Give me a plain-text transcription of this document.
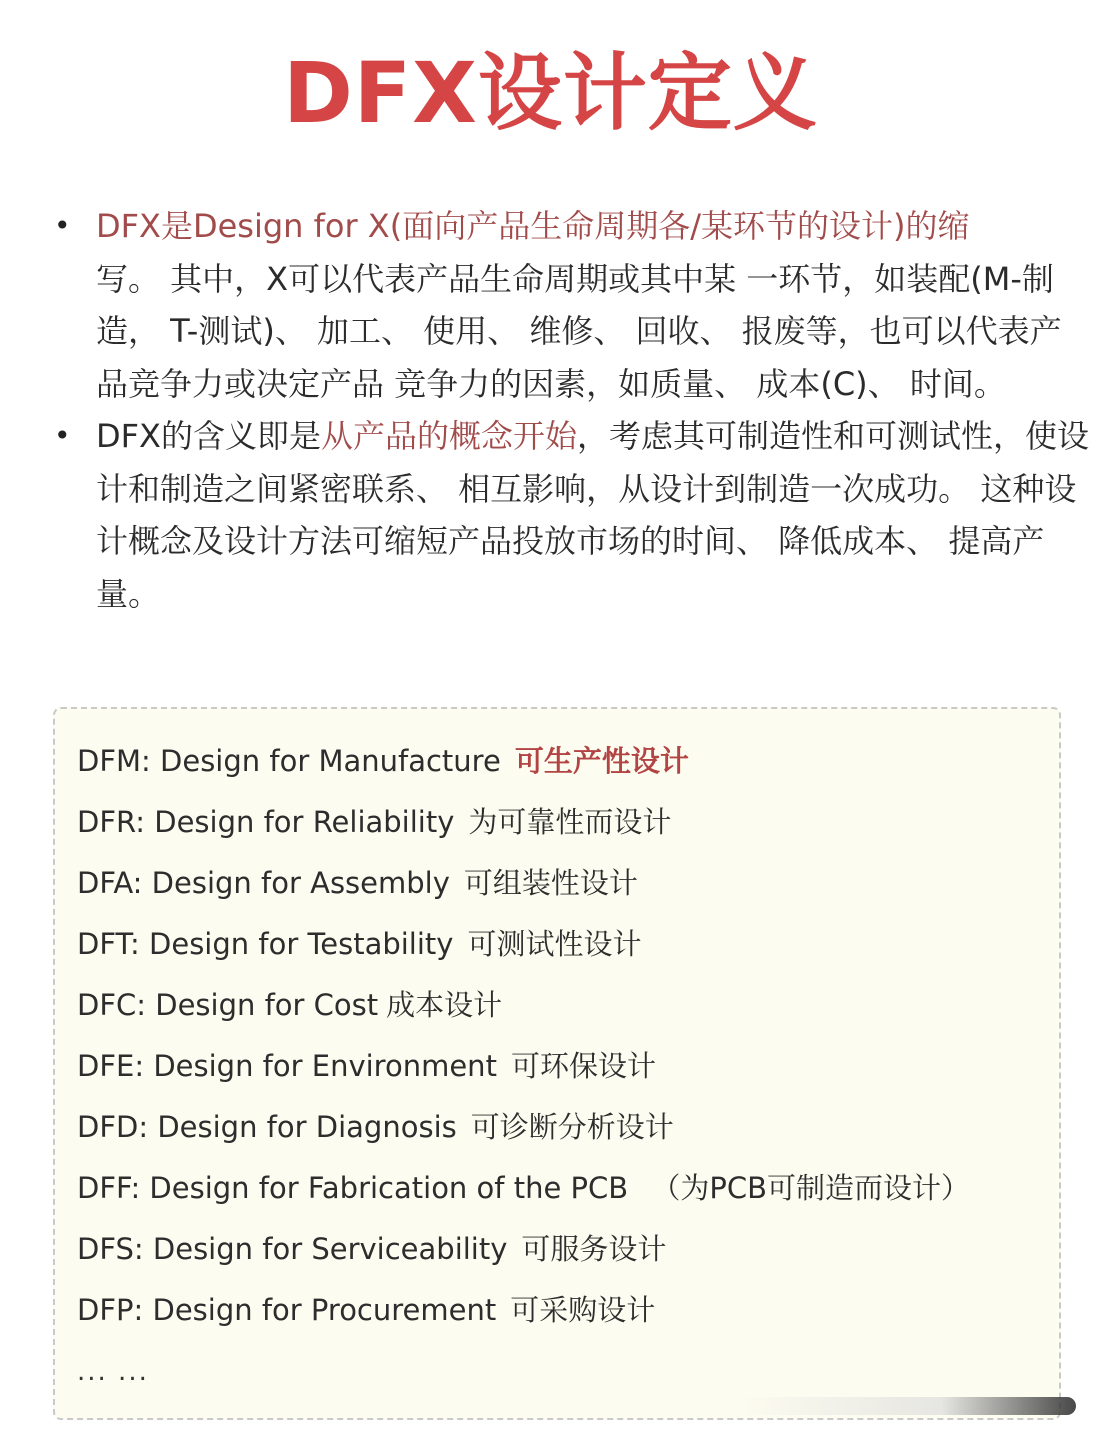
DFX设计定义
• DFX是Design for X(面向产品生命周期各/某环节的设计)的缩
写。 其中，X可以代表产品生命周期或其中某 一环节，如装配(M-制造， T-测试)、 加工、 使用、 维修、 回收、 报废等，也可以代表产品竞争力或决定产品 竞争力的因素，如质量、 成本(C)、 时间。
• DFX的含义即是从产品的概念开始，考虑其可制造性和可测试性，使设计和制造之间紧密联系、 相互影响，从设计到制造一次成功。 这种设计概念及设计方法可缩短产品投放市场的时间、 降低成本、 提高产量。
DFM: Design for Manufacture 可生产性设计
DFR: Design for Reliability 为可靠性而设计
DFA: Design for Assembly 可组装性设计
DFT: Design for Testability 可测试性设计
DFC: Design for Cost 成本设计
DFE: Design for Environment 可环保设计
DFD: Design for Diagnosis 可诊断分析设计
DFF: Design for Fabrication of the PCB （为PCB可制造而设计）
DFS: Design for Serviceability 可服务设计
DFP: Design for Procurement 可采购设计
... ...
